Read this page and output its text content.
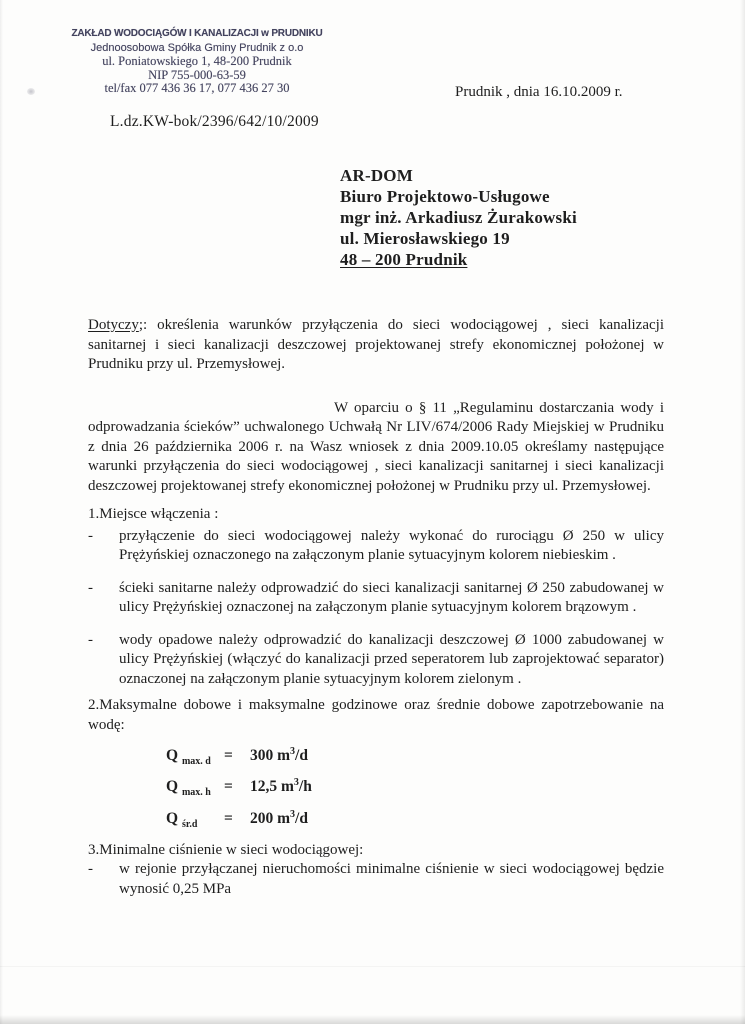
ZAKŁAD WODOCIĄGÓW I KANALIZACJI w PRUDNIKU
Jednoosobowa Spółka Gminy Prudnik z o.o
ul. Poniatowskiego 1, 48-200 Prudnik
NIP 755-000-63-59
tel/fax 077 436 36 17, 077 436 27 30	Prudnik , dnia 16.10.2009 r.
L.dz.KW-bok/2396/642/10/2009
AR-DOM
Biuro Projektowo-Usługowe
mgr inż. Arkadiusz Żurakowski
ul. Mierosławskiego 19
48 – 200 Prudnik
Dotyczy;: określenia warunków przyłączenia do sieci wodociągowej , sieci kanalizacji sanitarnej i sieci kanalizacji deszczowej projektowanej strefy ekonomicznej położonej w Prudniku przy ul. Przemysłowej.
W oparciu o § 11 „Regulaminu dostarczania wody i odprowadzania ścieków” uchwalonego Uchwałą Nr LIV/674/2006 Rady Miejskiej w Prudniku z dnia 26 października 2006 r. na Wasz wniosek z dnia 2009.10.05 określamy następujące warunki przyłączenia do sieci wodociągowej , sieci kanalizacji sanitarnej i sieci kanalizacji deszczowej projektowanej strefy ekonomicznej położonej w Prudniku przy ul. Przemysłowej.
1.Miejsce włączenia :
-	przyłączenie do sieci wodociągowej należy wykonać do rurociągu Ø 250 w ulicy Prężyńskiej oznaczonego na załączonym planie sytuacyjnym kolorem niebieskim .
-	ścieki sanitarne należy odprowadzić do sieci kanalizacji sanitarnej Ø 250 zabudowanej w ulicy Prężyńskiej oznaczonej na załączonym planie sytuacyjnym kolorem brązowym .
-	wody opadowe należy odprowadzić do kanalizacji deszczowej Ø 1000 zabudowanej w ulicy Prężyńskiej (włączyć do kanalizacji przed seperatorem lub zaprojektować separator) oznaczonej na załączonym planie sytuacyjnym kolorem zielonym .
2.Maksymalne dobowe i maksymalne godzinowe oraz średnie dobowe zapotrzebowanie na wodę:
Q $_{max. d}$ =	300 $m^3/d$
Q $_{max. h}$ =	12,5 $m^3/h$
Q $_{śr.d}$	=	200 $m^3/d$
3.Minimalne ciśnienie w sieci wodociągowej:
-	w rejonie przyłączanej nieruchomości minimalne ciśnienie w sieci wodociągowej będzie wynosić 0,25 MPa
